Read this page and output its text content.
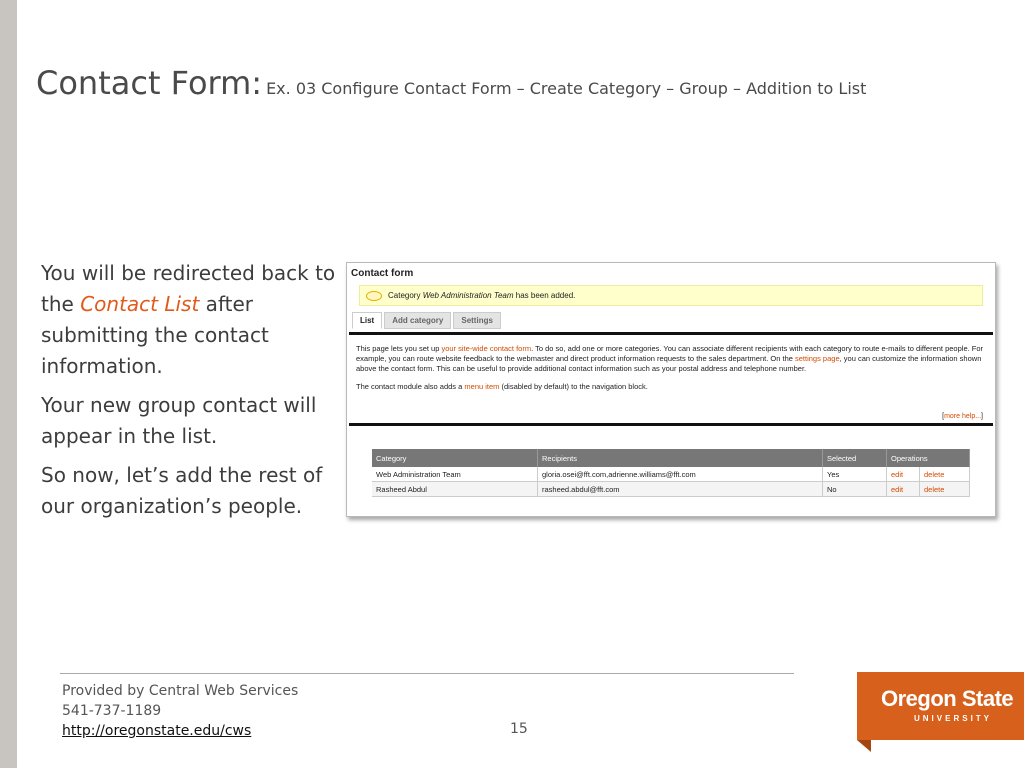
Contact Form: Ex. 03 Configure Contact Form – Create Category – Group – Addition to List

You will be redirected back to the Contact List after submitting the contact information.

Your new group contact will appear in the list.

So now, let’s add the rest of our organization’s people.

Contact form
Category Web Administration Team has been added.
List	Add category	Settings

This page lets you set up your site-wide contact form. To do so, add one or more categories. You can associate different recipients with each category to route e-mails to different people. For example, you can route website feedback to the webmaster and direct product information requests to the sales department. On the settings page, you can customize the information shown above the contact form. This can be useful to provide additional contact information such as your postal address and telephone number.

The contact module also adds a menu item (disabled by default) to the navigation block.

[more help...]
Category	Recipients	Selected	Operations	
Web Administration Team	gloria.osei@fft.com,adrienne.williams@fft.com	Yes	edit	delete
Rasheed Abdul	rasheed.abdul@fft.com	No	edit	delete
Provided by Central Web Services
541-737-1189
http://oregonstate.edu/cws	15
Oregon State
UNIVERSITY
